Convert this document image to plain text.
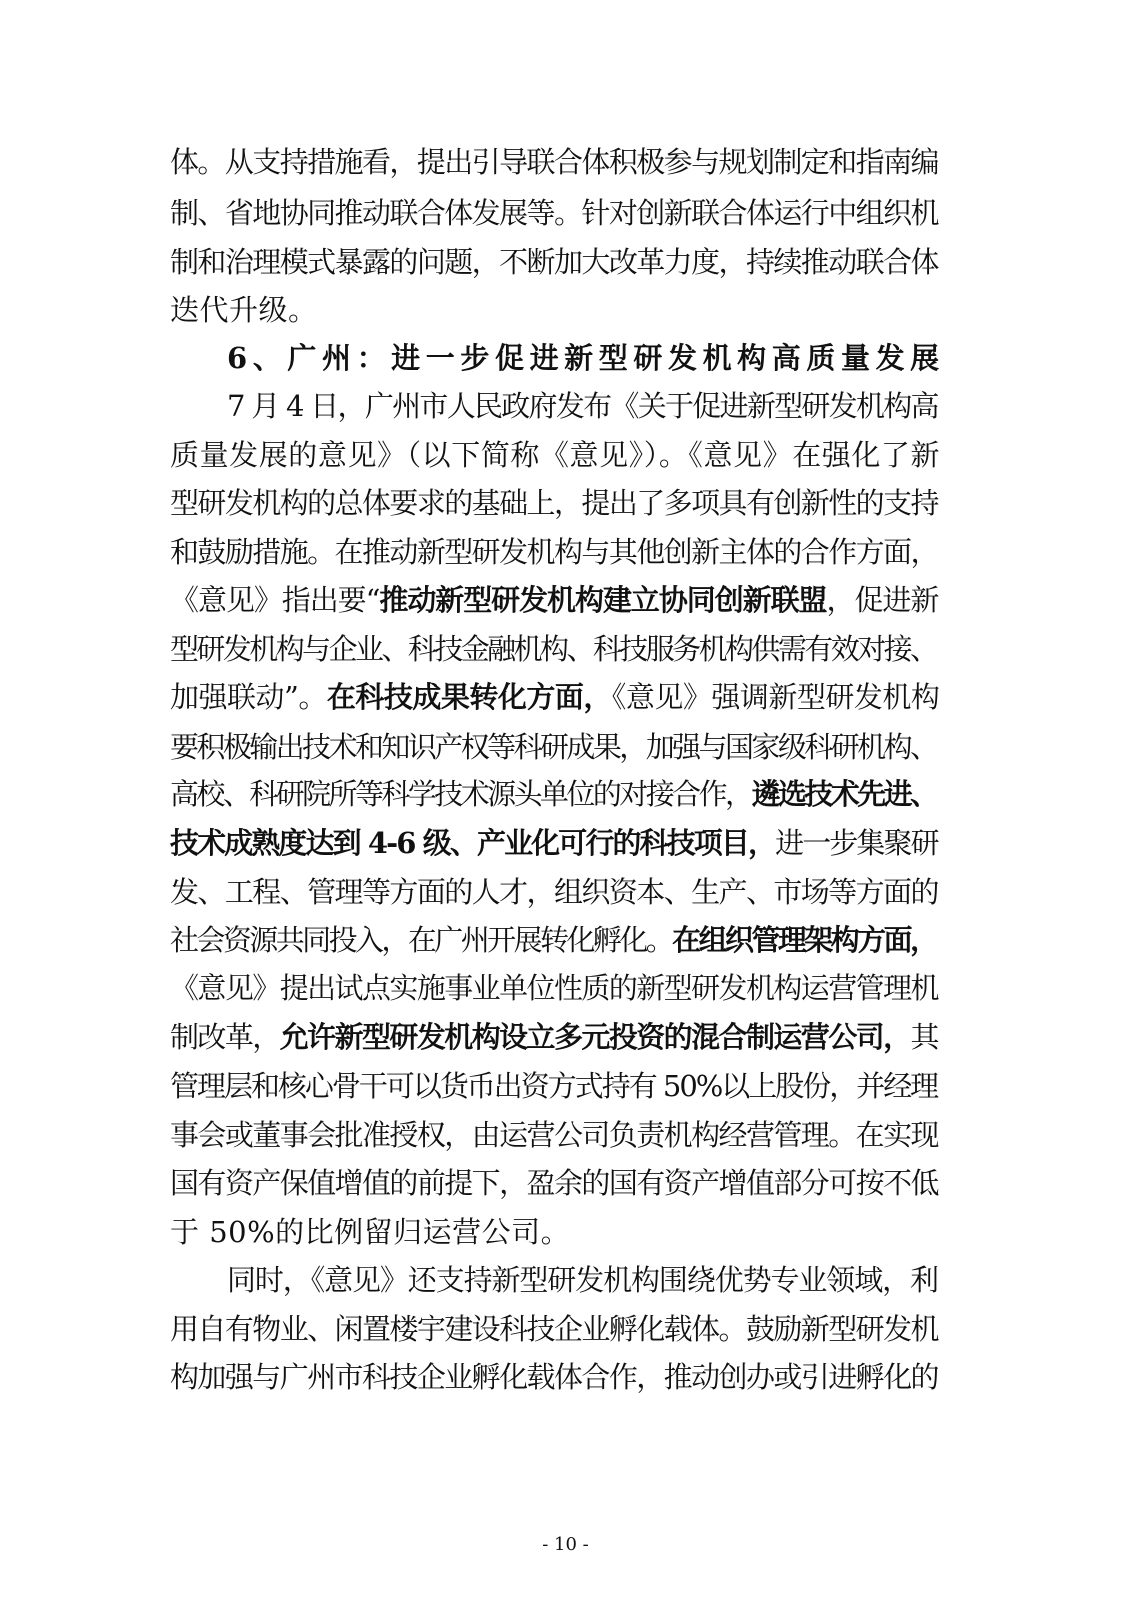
体。从支持措施看，提出引导联合体积极参与规划制定和指南编
制、省地协同推动联合体发展等。针对创新联合体运行中组织机
制和治理模式暴露的问题，不断加大改革力度，持续推动联合体
迭代升级。
6、广州：进一步促进新型研发机构高质量发展
7 月 4 日，广州市人民政府发布《关于促进新型研发机构高
质量发展的意见》（以下简称《意见》）。《意见》在强化了新
型研发机构的总体要求的基础上，提出了多项具有创新性的支持
和鼓励措施。在推动新型研发机构与其他创新主体的合作方面，
《意见》指出要“推动新型研发机构建立协同创新联盟，促进新
型研发机构与企业、科技金融机构、科技服务机构供需有效对接、
加强联动”。在科技成果转化方面，《意见》强调新型研发机构
要积极输出技术和知识产权等科研成果，加强与国家级科研机构、
高校、科研院所等科学技术源头单位的对接合作，遴选技术先进、
技术成熟度达到 4-6 级、产业化可行的科技项目，进一步集聚研
发、工程、管理等方面的人才，组织资本、生产、市场等方面的
社会资源共同投入，在广州开展转化孵化。在组织管理架构方面，
《意见》提出试点实施事业单位性质的新型研发机构运营管理机
制改革，允许新型研发机构设立多元投资的混合制运营公司，其
管理层和核心骨干可以货币出资方式持有 50%以上股份，并经理
事会或董事会批准授权，由运营公司负责机构经营管理。在实现
国有资产保值增值的前提下，盈余的国有资产增值部分可按不低
于 50%的比例留归运营公司。
同时，《意见》还支持新型研发机构围绕优势专业领域，利
用自有物业、闲置楼宇建设科技企业孵化载体。鼓励新型研发机
构加强与广州市科技企业孵化载体合作，推动创办或引进孵化的
- 10 -
